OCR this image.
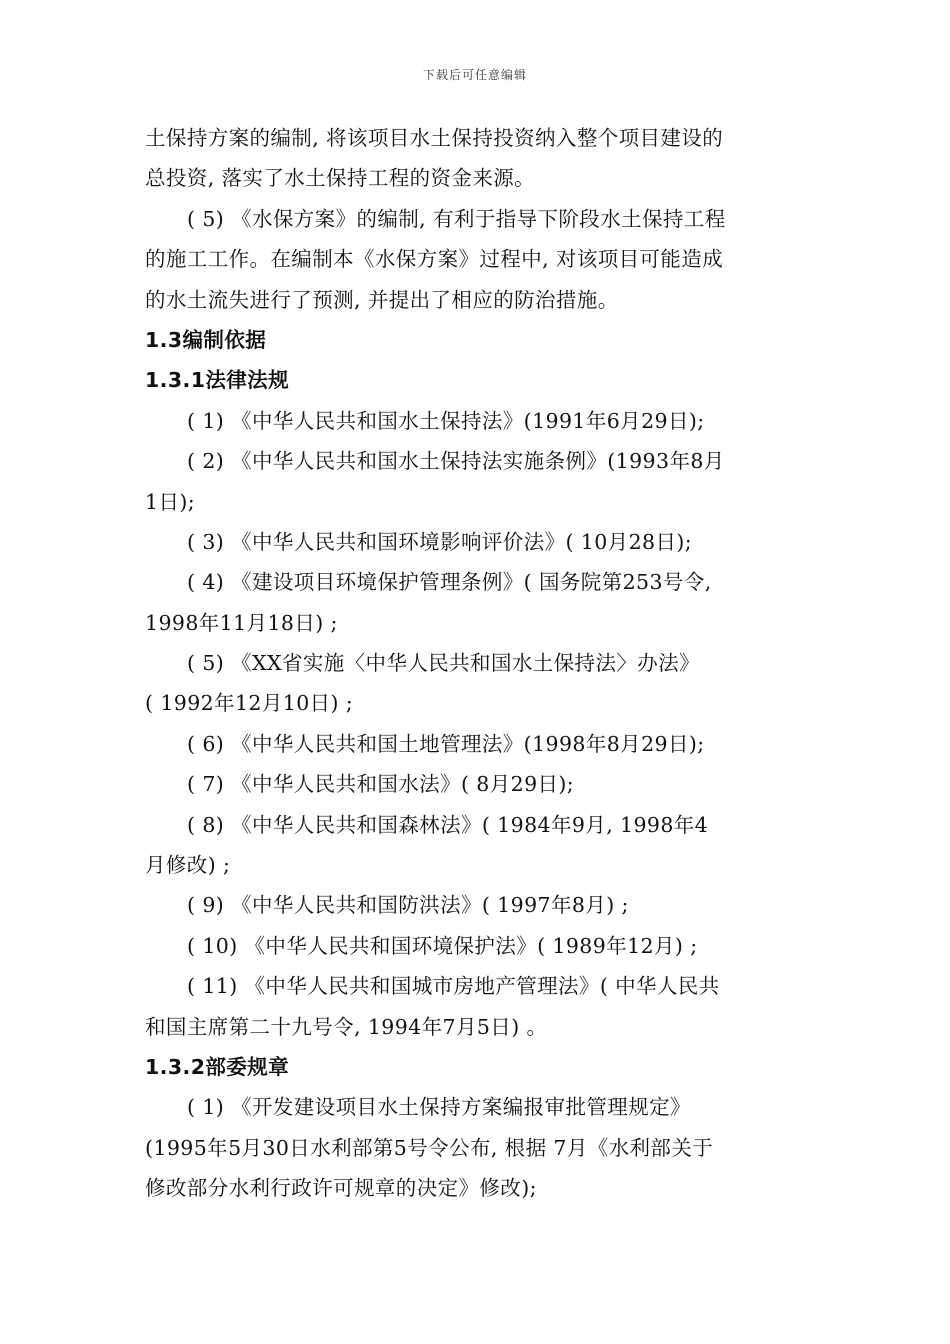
下载后可任意编辑
土保持方案的编制, 将该项目水土保持投资纳入整个项目建设的
总投资, 落实了水土保持工程的资金来源。
( 5) 《水保方案》的编制, 有利于指导下阶段水土保持工程
的施工工作。在编制本《水保方案》过程中, 对该项目可能造成
的水土流失进行了预测, 并提出了相应的防治措施。
1.3编制依据
1.3.1法律法规
( 1) 《中华人民共和国水土保持法》(1991年6月29日);
( 2) 《中华人民共和国水土保持法实施条例》(1993年8月
1日);
( 3) 《中华人民共和国环境影响评价法》( 10月28日);
( 4) 《建设项目环境保护管理条例》( 国务院第253号令,
1998年11月18日) ;
( 5) 《XX省实施〈中华人民共和国水土保持法〉办法》
( 1992年12月10日) ;
( 6) 《中华人民共和国土地管理法》(1998年8月29日);
( 7) 《中华人民共和国水法》( 8月29日);
( 8) 《中华人民共和国森林法》( 1984年9月, 1998年4
月修改) ;
( 9) 《中华人民共和国防洪法》( 1997年8月) ;
( 10) 《中华人民共和国环境保护法》( 1989年12月) ;
( 11) 《中华人民共和国城市房地产管理法》( 中华人民共
和国主席第二十九号令, 1994年7月5日) 。
1.3.2部委规章
( 1) 《开发建设项目水土保持方案编报审批管理规定》
(1995年5月30日水利部第5号令公布, 根据 7月《水利部关于
修改部分水利行政许可规章的决定》修改);
